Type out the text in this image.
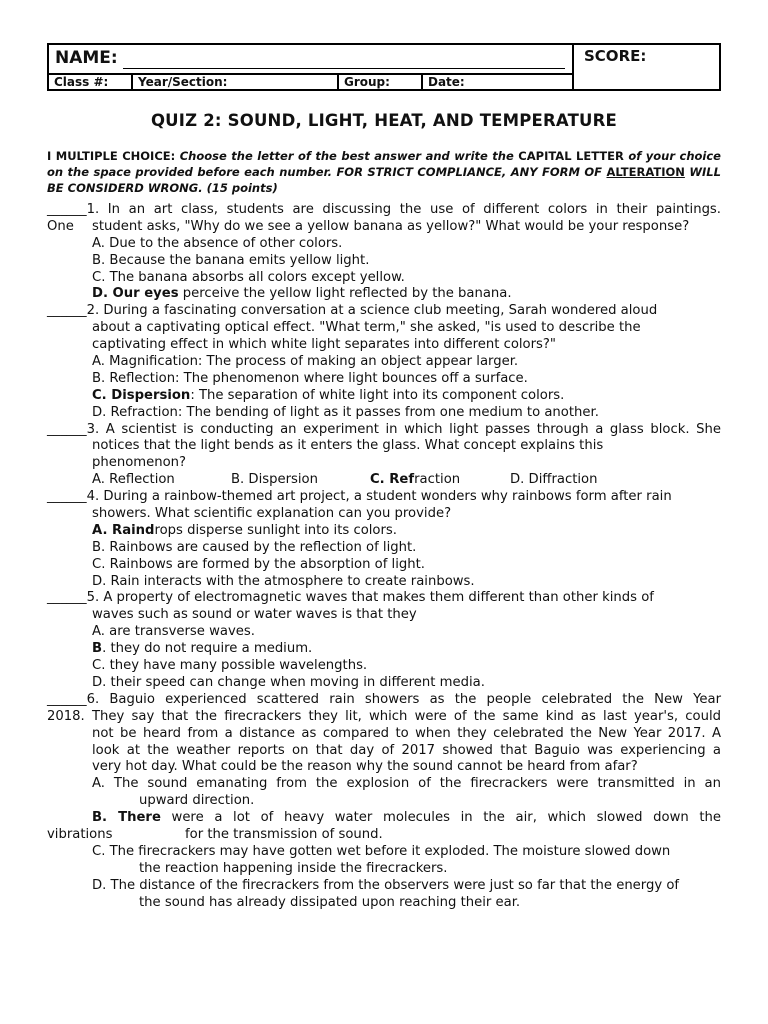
NAME:	SCORE:
Class #:	Year/Section:	Group:	Date:
QUIZ 2: SOUND, LIGHT, HEAT, AND TEMPERATURE
I MULTIPLE CHOICE: Choose the letter of the best answer and write the CAPITAL LETTER of your choice on the space provided before each number. FOR STRICT COMPLIANCE, ANY FORM OF ALTERATION WILL BE CONSIDERD WRONG. (15 points)
______1. In an art class, students are discussing the use of different colors in their paintings.
One student asks, "Why do we see a yellow banana as yellow?" What would be your response?
A. Due to the absence of other colors.
B. Because the banana emits yellow light.
C. The banana absorbs all colors except yellow.
D. Our eyes perceive the yellow light reflected by the banana.
______2. During a fascinating conversation at a science club meeting, Sarah wondered aloud
about a captivating optical effect. "What term," she asked, "is used to describe the
captivating effect in which white light separates into different colors?"
A. Magnification: The process of making an object appear larger.
B. Reflection: The phenomenon where light bounces off a surface.
C. Dispersion: The separation of white light into its component colors.
D. Refraction: The bending of light as it passes from one medium to another.
______3. A scientist is conducting an experiment in which light passes through a glass block. She
notices that the light bends as it enters the glass. What concept explains this
phenomenon?
A. Reflection	B. Dispersion	C. Refraction	D. Diffraction
______4. During a rainbow-themed art project, a student wonders why rainbows form after rain
showers. What scientific explanation can you provide?
A. Raindrops disperse sunlight into its colors.
B. Rainbows are caused by the reflection of light.
C. Rainbows are formed by the absorption of light.
D. Rain interacts with the atmosphere to create rainbows.
______5. A property of electromagnetic waves that makes them different than other kinds of
waves such as sound or water waves is that they
A. are transverse waves.
B. they do not require a medium.
C. they have many possible wavelengths.
D. their speed can change when moving in different media.
______6. Baguio experienced scattered rain showers as the people celebrated the New Year
2018. They say that the firecrackers they lit, which were of the same kind as last year's, could
not be heard from a distance as compared to when they celebrated the New Year 2017. A
look at the weather reports on that day of 2017 showed that Baguio was experiencing a
very hot day. What could be the reason why the sound cannot be heard from afar?
A. The sound emanating from the explosion of the firecrackers were transmitted in an
upward direction.
B. There were a lot of heavy water molecules in the air, which slowed down the
vibrations	for the transmission of sound.
C. The firecrackers may have gotten wet before it exploded. The moisture slowed down
the reaction happening inside the firecrackers.
D. The distance of the firecrackers from the observers were just so far that the energy of
the sound has already dissipated upon reaching their ear.
